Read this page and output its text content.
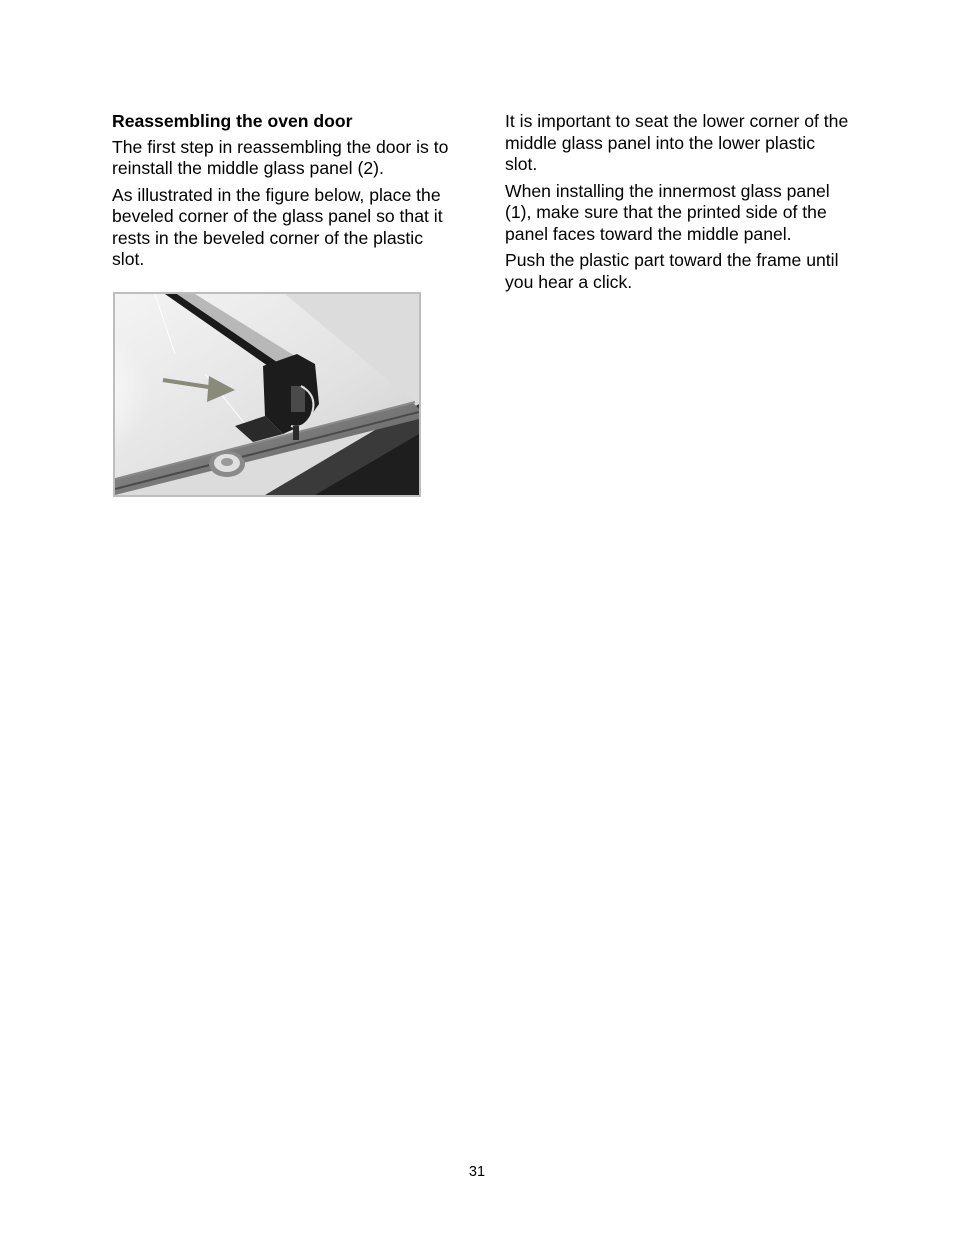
Reassembling the oven door

The first step in reassembling the door is to reinstall the middle glass panel (2).

As illustrated in the figure below, place the beveled corner of the glass panel so that it rests in the beveled corner of the plastic slot.

It is important to seat the lower corner of the middle glass panel into the lower plastic slot.

When installing the innermost glass panel (1), make sure that the printed side of the panel faces toward the middle panel.

Push the plastic part toward the frame until you hear a click.

31
